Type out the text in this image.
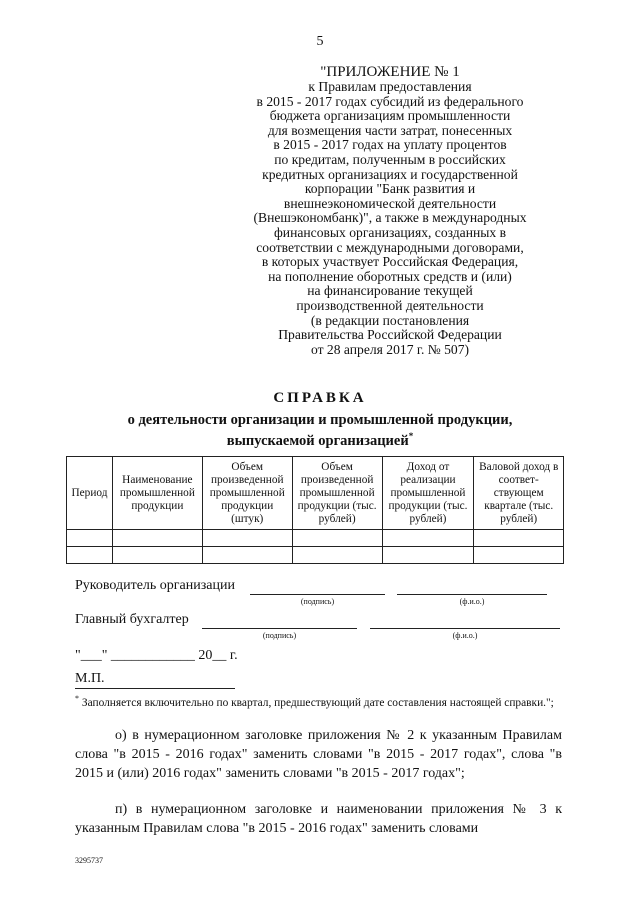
5
"ПРИЛОЖЕНИЕ № 1
к Правилам предоставления
в 2015 - 2017 годах субсидий из федерального
бюджета организациям промышленности
для возмещения части затрат, понесенных
в 2015 - 2017 годах на уплату процентов
по кредитам, полученным в российских
кредитных организациях и государственной
корпорации "Банк развития и
внешнеэкономической деятельности
(Внешэкономбанк)", а также в международных
финансовых организациях, созданных в
соответствии с международными договорами,
в которых участвует Российская Федерация,
на пополнение оборотных средств и (или)
на финансирование текущей
производственной деятельности
(в редакции постановления
Правительства Российской Федерации
от 28 апреля 2017 г. № 507)
СПРАВКА
о деятельности организации и промышленной продукции,
выпускаемой организацией*
Период	Наименование промышленной продукции	Объем произведенной промышленной продукции (штук)	Объем произведенной промышленной продукции (тыс. рублей)	Доход от реализации промышленной продукции (тыс. рублей)	Валовой доход в соответ- ствующем квартале (тыс. рублей)

Руководитель организации
(подпись)	(ф.и.о.)
Главный бухгалтер
(подпись)	(ф.и.о.)
"___" ____________ 20__ г.
М.П.
* Заполняется включительно по квартал, предшествующий дате составления настоящей справки.";
о) в нумерационном заголовке приложения № 2 к указанным Правилам слова "в 2015 - 2016 годах" заменить словами "в 2015 - 2017 годах", слова "в 2015 и (или) 2016 годах" заменить словами "в 2015 - 2017 годах";
п) в нумерационном заголовке и наименовании приложения № 3 к указанным Правилам слова "в 2015 - 2016 годах" заменить словами
3295737
